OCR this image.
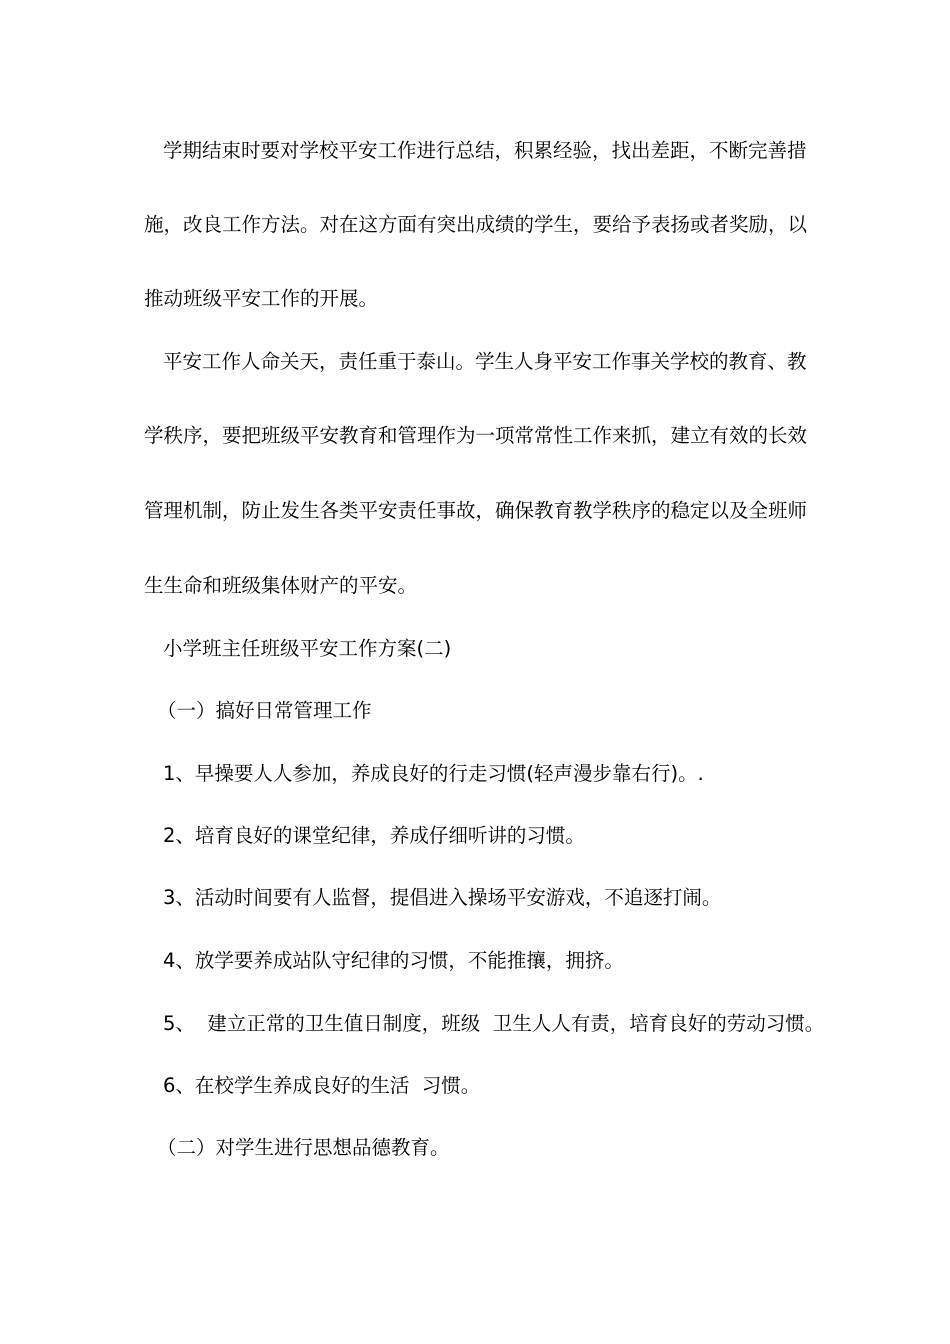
学期结束时要对学校平安工作进行总结，积累经验，找出差距，不断完善措
施，改良工作方法。对在这方面有突出成绩的学生，要给予表扬或者奖励，以
推动班级平安工作的开展。
平安工作人命关天，责任重于泰山。学生人身平安工作事关学校的教育、教
学秩序，要把班级平安教育和管理作为一项常常性工作来抓，建立有效的长效
管理机制，防止发生各类平安责任事故，确保教育教学秩序的稳定以及全班师
生生命和班级集体财产的平安。
小学班主任班级平安工作方案(二)
（一）搞好日常管理工作
1、早操要人人参加，养成良好的行走习惯(轻声漫步靠右行)。.
2、培育良好的课堂纪律，养成仔细听讲的习惯。
3、活动时间要有人监督，提倡进入操场平安游戏，不追逐打闹。
4、放学要养成站队守纪律的习惯，不能推攘，拥挤。
5、  建立正常的卫生值日制度，班级  卫生人人有责，培育良好的劳动习惯。
6、在校学生养成良好的生活  习惯。
（二）对学生进行思想品德教育。
